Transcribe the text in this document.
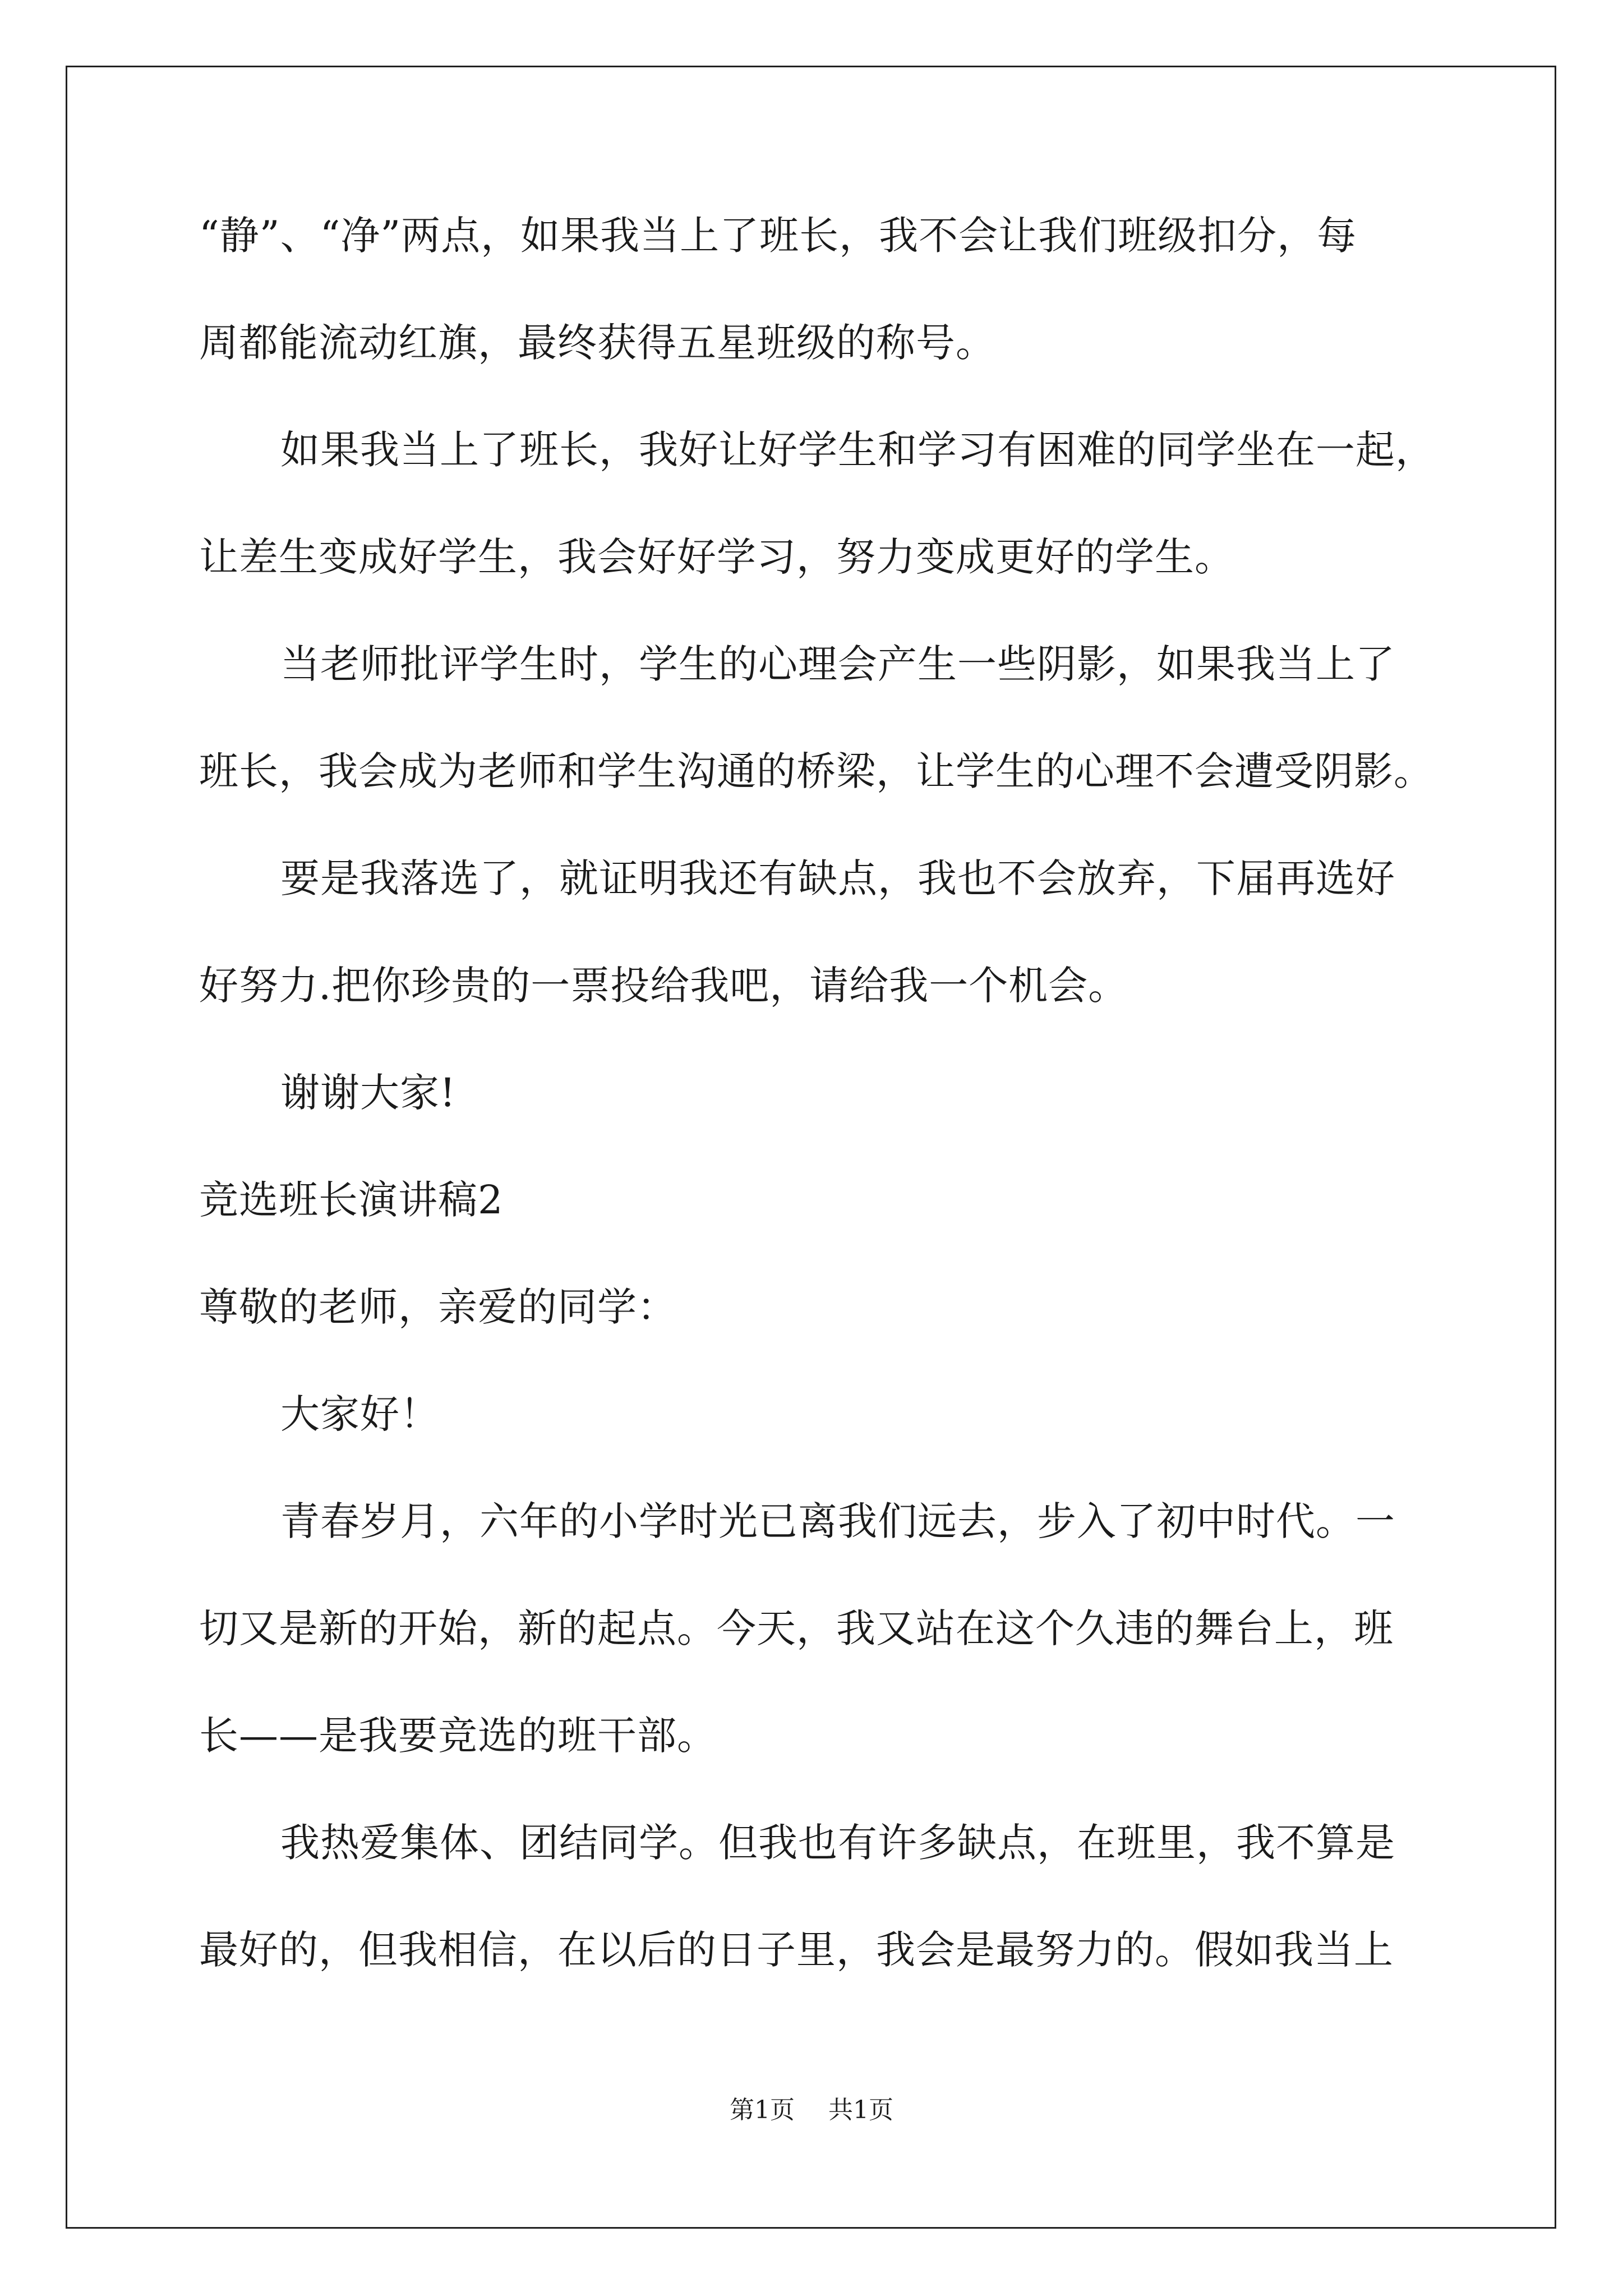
“静”、“净”两点，如果我当上了班长，我不会让我们班级扣分，每

周都能流动红旗，最终获得五星班级的称号。

如果我当上了班长，我好让好学生和学习有困难的同学坐在一起，

让差生变成好学生，我会好好学习，努力变成更好的学生。

当老师批评学生时，学生的心理会产生一些阴影，如果我当上了

班长，我会成为老师和学生沟通的桥梁，让学生的心理不会遭受阴影。

要是我落选了，就证明我还有缺点，我也不会放弃，下届再选好

好努力.把你珍贵的一票投给我吧，请给我一个机会。

谢谢大家!

竞选班长演讲稿2

尊敬的老师，亲爱的同学：

大家好！

青春岁月，六年的小学时光已离我们远去，步入了初中时代。一

切又是新的开始，新的起点。今天，我又站在这个久违的舞台上，班

长——是我要竞选的班干部。

我热爱集体、团结同学。但我也有许多缺点，在班里，我不算是

最好的，但我相信，在以后的日子里，我会是最努力的。假如我当上

第1页 共1页
